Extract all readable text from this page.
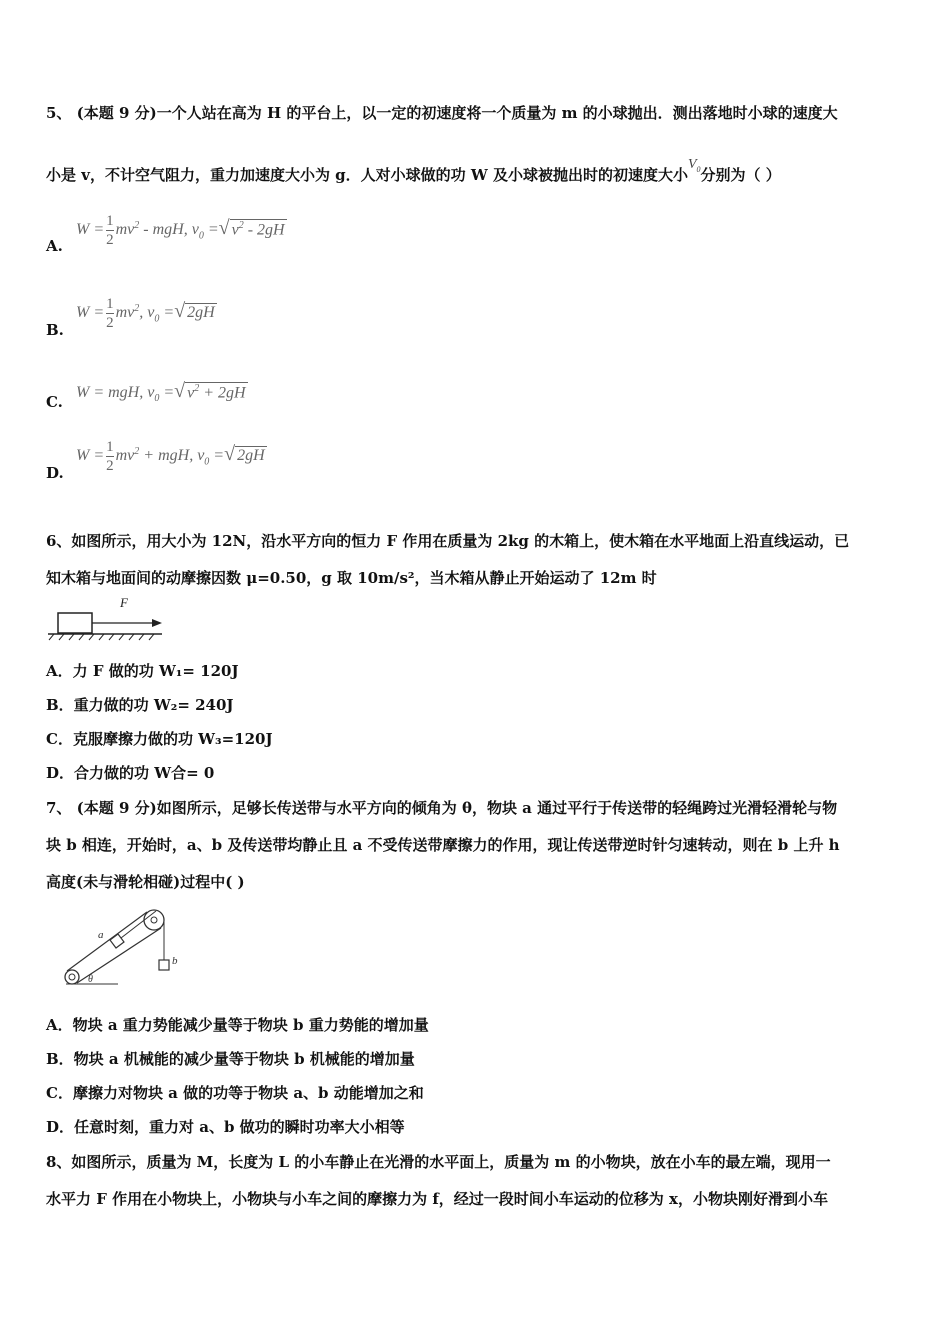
5、 (本题 9 分)一个人站在高为 H 的平台上，以一定的初速度将一个质量为 m 的小球抛出．测出落地时小球的速度大
小是 v，不计空气阻力，重力加速度大小为 g．人对小球做的功 W 及小球被抛出时的初速度大小$V_0$分别为（ ）
A.
$W = \frac{1}{2} mv^2$ - mgH, $v_0$ =√ $v^2 - 2gH$
B.
$W = \frac{1}{2} mv^2$, $v_0$ =√ 2gH
C.
W = mgH, $v_0$ =√ $v^2 + 2gH$
D.
$W = \frac{1}{2} mv^2$ + mgH, $v_0$ =√ 2gH
6、如图所示，用大小为 12N，沿水平方向的恒力 F 作用在质量为 2kg 的木箱上，使木箱在水平地面上沿直线运动，已
知木箱与地面间的动摩擦因数 μ=0.50，g 取 10m/s²，当木箱从静止开始运动了 12m 时
F
A．力 F 做的功 W₁= 120J
B．重力做的功 W₂= 240J
C．克服摩擦力做的功 W₃=120J
D．合力做的功 W合= 0
7、 (本题 9 分)如图所示，足够长传送带与水平方向的倾角为 θ，物块 a 通过平行于传送带的轻绳跨过光滑轻滑轮与物
块 b 相连，开始时，a、b 及传送带均静止且 a 不受传送带摩擦力的作用，现让传送带逆时针匀速转动，则在 b 上升 h
高度(未与滑轮相碰)过程中( )
a
b
θ
A．物块 a 重力势能减少量等于物块 b 重力势能的增加量
B．物块 a 机械能的减少量等于物块 b 机械能的增加量
C．摩擦力对物块 a 做的功等于物块 a、b 动能增加之和
D．任意时刻，重力对 a、b 做功的瞬时功率大小相等
8、如图所示，质量为 M，长度为 L 的小车静止在光滑的水平面上，质量为 m 的小物块，放在小车的最左端，现用一
水平力 F 作用在小物块上，小物块与小车之间的摩擦力为 f，经过一段时间小车运动的位移为 x，小物块刚好滑到小车
